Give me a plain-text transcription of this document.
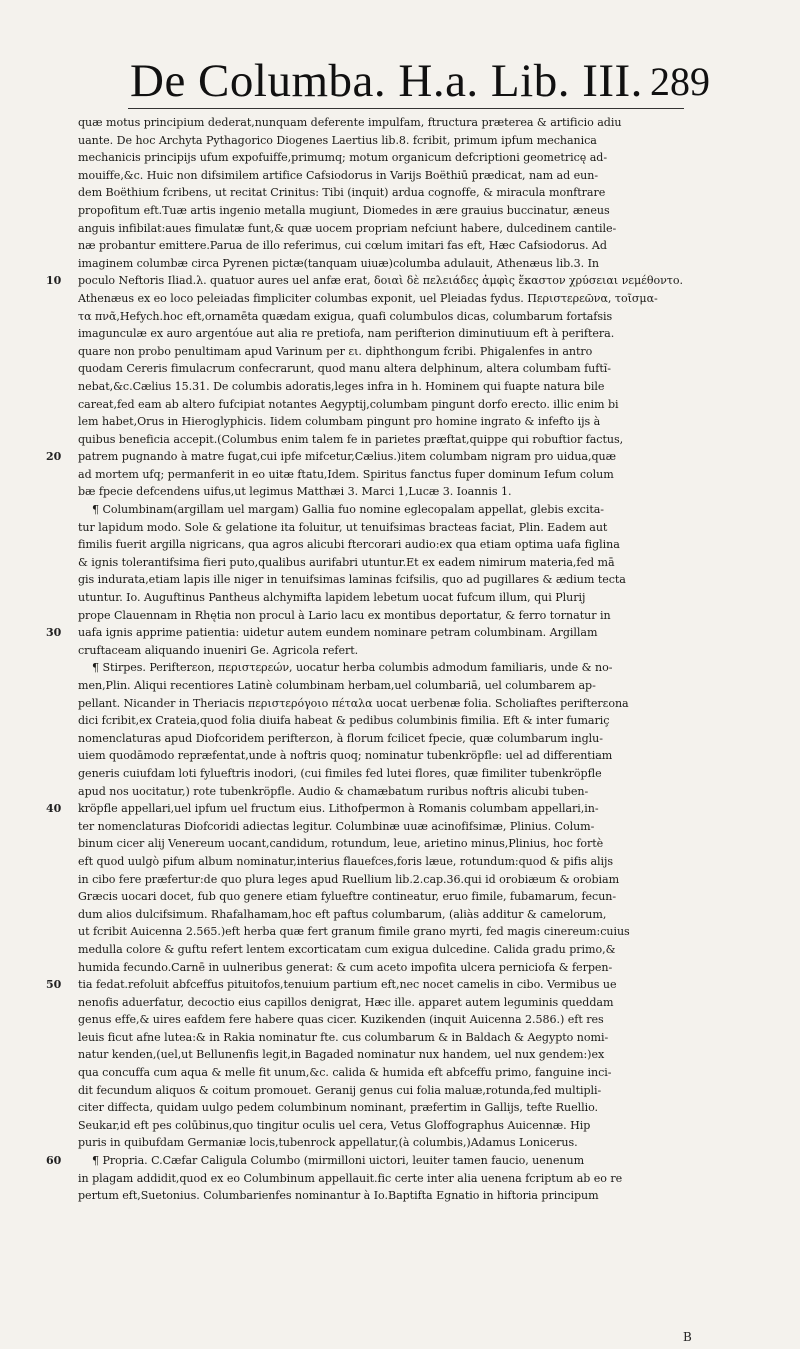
De Columba. H.a. Lib. III. 289
quæ motus principium dederat,nunquam deferente impulfam, ftructura præterea & artificio adiu
uante. De hoc Archyta Pythagorico Diogenes Laertius lib.8. fcribit, primum ipfum mechanica
mechanicis principijs ufum expofuiffe,primumq; motum organicum defcriptioni geometricę ad-
mouiffe,&c. Huic non difsimilem artifice Cafsiodorus in Varijs Boëthiū prædicat, nam ad eun-
dem Boëthium fcribens, ut recitat Crinitus: Tibi (inquit) ardua cognoffe, & miracula monftrare
propofitum eft.Tuæ artis ingenio metalla mugiunt, Diomedes in ære grauius buccinatur, æneus
anguis infibilat:aues fimulatæ funt,& quæ uocem propriam nefciunt habere, dulcedinem cantile-
næ probantur emittere.Parua de illo referimus, cui cœlum imitari fas eft, Hæc Cafsiodorus. Ad
imaginem columbæ circa Pyrenen pictæ(tanquam uiuæ)columba adulauit, Athenæus lib.3. In
poculo Neftoris Iliad.λ. quatuor aures uel anfæ erat, δοιαὶ δὲ πελειάδες ἀμφὶς ἕκαστον χρύσειαι νεμέθοντο.
Athenæus ex eo loco peleiadas fimpliciter columbas exponit, uel Pleiadas fydus. Περιστερεῶνα, τοῖσμα-
τα πνᾶ,Hefych.hoc eft,ornamēta quædam exigua, quafi columbulos dicas, columbarum fortafsis
imagunculæ ex auro argentóue aut alia re pretiofa, nam perifterion diminutiuum eft à periftera.
quare non probo penultimam apud Varinum per ει. diphthongum fcribi. Phigalenfes in antro
quodam Cereris fimulacrum confecrarunt, quod manu altera delphinum, altera columbam fuftĩ-
nebat,&c.Cælius 15.31. De columbis adoratis,leges infra in h. Hominem qui fuapte natura bile
careat,fed eam ab altero fufcipiat notantes Aegyptij,columbam pingunt dorfo erecto. illic enim bi
lem habet,Orus in Hieroglyphicis. Iidem columbam pingunt pro homine ingrato & infefto ijs à
quibus beneficia accepit.(Columbus enim talem fe in parietes præftat,quippe qui robuftior factus,
patrem pugnando à matre fugat,cui ipfe mifcetur,Cælius.)item columbam nigram pro uidua,quæ
ad mortem ufq; permanferit in eo uitæ ftatu,Idem. Spiritus fanctus fuper dominum Iefum colum
bæ fpecie defcendens uifus,ut legimus Matthæi 3. Marci 1,Lucæ 3. Ioannis 1.
¶ Columbinam(argillam uel margam) Gallia fuo nomine eglecopalam appellat, glebis excita-
tur lapidum modo. Sole & gelatione ita foluitur, ut tenuifsimas bracteas faciat, Plin. Eadem aut
fimilis fuerit argilla nigricans, qua agros alicubi ftercorari audio:ex qua etiam optima uafa figlina
& ignis tolerantifsima fieri puto,qualibus aurifabri utuntur.Et ex eadem nimirum materia,fed mā
gis indurata,etiam lapis ille niger in tenuifsimas laminas fcifsilis, quo ad pugillares & ædium tecta
utuntur. Io. Auguftinus Pantheus alchymifta lapidem lebetum uocat fufcum illum, qui Plurij
prope Clauennam in Rhętia non procul à Lario lacu ex montibus deportatur, & ferro tornatur in
uafa ignis apprime patientia: uidetur autem eundem nominare petram columbinam. Argillam
cruftaceam aliquando inueniri Ge. Agricola refert.
¶ Stirpes. Perifterεon, περιστερεών, uocatur herba columbis admodum familiaris, unde & no-
men,Plin. Aliqui recentiores Latinè columbinam herbam,uel columbariā, uel columbarem ap-
pellant. Nicander in Theriacis περιστερόγοιο πέταλα uocat uerbenæ folia. Scholiaftes perifterεona
dici fcribit,ex Crateia,quod folia diuifa habeat & pedibus columbinis fimilia. Eft & inter fumariç
nomenclaturas apud Diofcoridem perifterεon, à florum fcilicet fpecie, quæ columbarum inglu-
uiem quodāmodo repræfentat,unde à noftris quoq; nominatur tubenkröpfle: uel ad differentiam
generis cuiufdam loti fylueftris inodori, (cui fimiles fed lutei flores, quæ fimiliter tubenkröpfle
apud nos uocitatur,) rote tubenkröpfle. Audio & chamæbatum ruribus noftris alicubi tuben-
kröpfle appellari,uel ipfum uel fructum eius. Lithofpermon à Romanis columbam appellari,in-
ter nomenclaturas Diofcoridi adiectas legitur. Columbinæ uuæ acinofifsimæ, Plinius. Colum-
binum cicer alij Venereum uocant,candidum, rotundum, leue, arietino minus,Plinius, hoc fortè
eft quod uulgò pifum album nominatur,interius flauefces,foris læue, rotundum:quod & pifis alijs
in cibo fere præfertur:de quo plura leges apud Ruellium lib.2.cap.36.qui id orobiæum & orobiam
Græcis uocari docet, fub quo genere etiam fylueftre contineatur, eruo fimile, fubamarum, fecun-
dum alios dulcifsimum. Rhafalhamam,hoc eft paftus columbarum, (aliàs additur & camelorum,
ut fcribit Auicenna 2.565.)eft herba quæ fert granum fimile grano myrti, fed magis cinereum:cuius
medulla colore & guftu refert lentem excorticatam cum exigua dulcedine. Calida gradu primo,&
humida fecundo.Carnē in uulneribus generat: & cum aceto impofita ulcera perniciofa & ferpen-
tia fedat.refoluit abfceffus pituitofos,tenuium partium eft,nec nocet camelis in cibo. Vermibus ue
nenofis aduerfatur, decoctio eius capillos denigrat, Hæc ille. apparet autem leguminis queddam
genus effe,& uires eafdem fere habere quas cicer. Kuzikenden (inquit Auicenna 2.586.) eft res
leuis ficut afne lutea:& in Rakia nominatur fte. cus columbarum & in Baldach & Aegypto nomi-
natur kenden,(uel,ut Bellunenfis legit,in Bagaded nominatur nux handem, uel nux gendem:)ex
qua concuffa cum aqua & melle fit unum,&c. calida & humida eft abfceffu primo, fanguine inci-
dit fecundum aliquos & coitum promouet. Geranij genus cui folia maluæ,rotunda,fed multipli-
citer diffecta, quidam uulgo pedem columbinum nominant, præfertim in Gallijs, tefte Ruellio.
Seukar,id eft pes colūbinus,quo tingitur oculis uel cera, Vetus Gloffographus Auicennæ. Hip
puris in quibufdam Germaniæ locis,tubenrock appellatur,(à columbis,)Adamus Lonicerus.
¶ Propria. C.Cæfar Caligula Columbo (mirmilloni uictori, leuiter tamen faucio, uenenum
in plagam addidit,quod ex eo Columbinum appellauit.fic certe inter alia uenena fcriptum ab eo re
pertum eft,Suetonius. Columbarienfes nominantur à Io.Baptifta Egnatio in hiftoria principum
10
20
30
40
50
60
B
